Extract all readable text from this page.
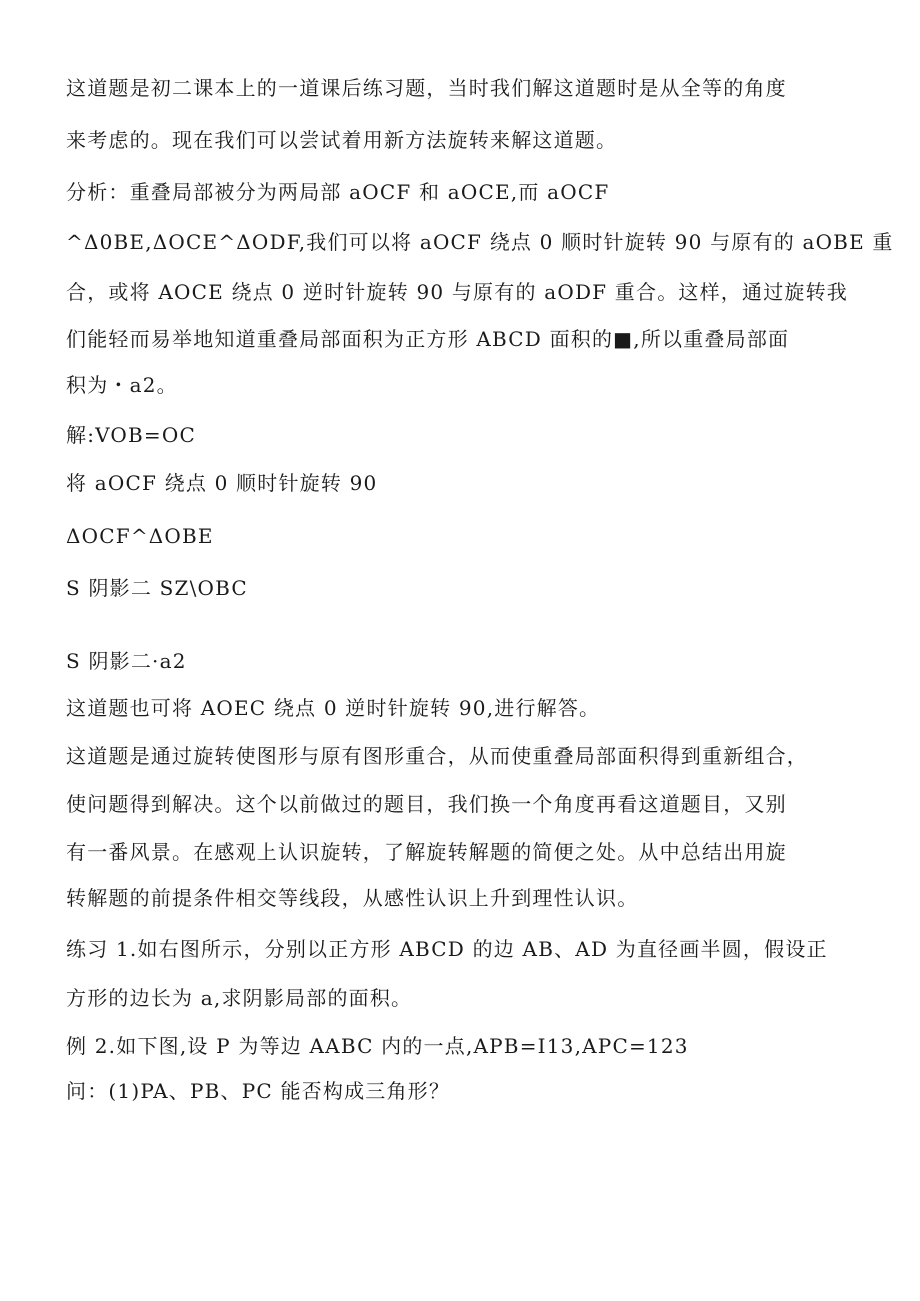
这道题是初二课本上的一道课后练习题，当时我们解这道题时是从全等的角度
来考虑的。现在我们可以尝试着用新方法旋转来解这道题。
分析：重叠局部被分为两局部 aOCF 和 aOCE,而 aOCF
^Δ0BE,ΔOCE^ΔODF,我们可以将 aOCF 绕点 0 顺时针旋转 90 与原有的 aOBE 重
合，或将 AOCE 绕点 0 逆时针旋转 90 与原有的 aODF 重合。这样，通过旋转我
们能轻而易举地知道重叠局部面积为正方形 ABCD 面积的■,所以重叠局部面
积为・a2。
解:VOB=OC
将 aOCF 绕点 0 顺时针旋转 90
ΔOCF^ΔOBE
S 阴影二 SZ\OBC
S 阴影二·a2
这道题也可将 AOEC 绕点 0 逆时针旋转 90,进行解答。
这道题是通过旋转使图形与原有图形重合，从而使重叠局部面积得到重新组合，
使问题得到解决。这个以前做过的题目，我们换一个角度再看这道题目，又别
有一番风景。在感观上认识旋转，了解旋转解题的简便之处。从中总结出用旋
转解题的前提条件相交等线段，从感性认识上升到理性认识。
练习 1.如右图所示，分别以正方形 ABCD 的边 AB、AD 为直径画半圆，假设正
方形的边长为 a,求阴影局部的面积。
例 2.如下图,设 P 为等边 AABC 内的一点,APB=I13,APC=123
问：(1)PA、PB、PC 能否构成三角形？
